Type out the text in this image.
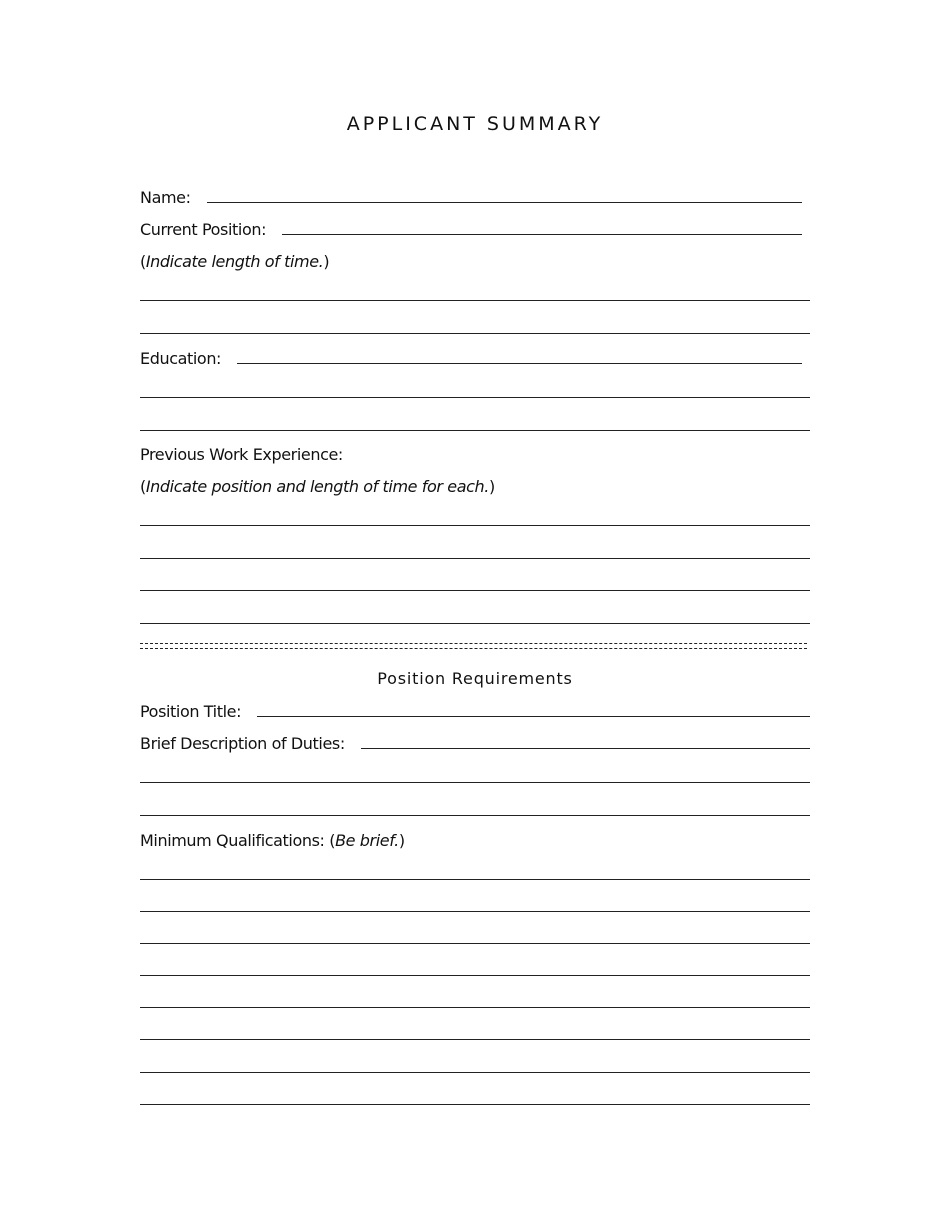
APPLICANT SUMMARY
Name:
Current Position:
(Indicate length of time.)
Education:
Previous Work Experience:
(Indicate position and length of time for each.)
Position Requirements
Position Title:
Brief Description of Duties:
Minimum Qualifications: (Be brief.)
